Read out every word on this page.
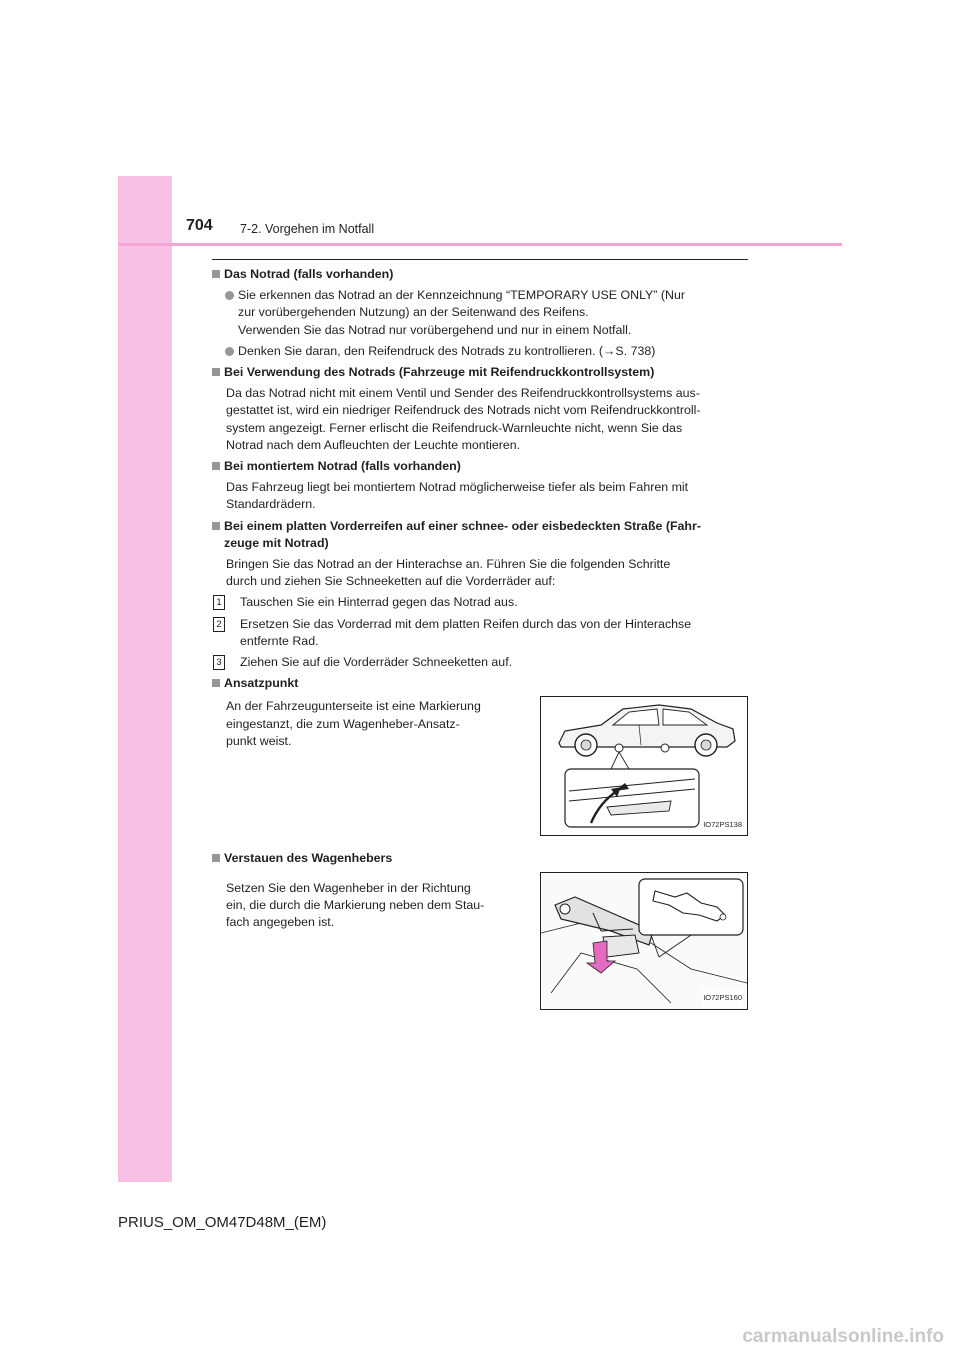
704 7-2. Vorgehen im Notfall
Das Notrad (falls vorhanden)
Sie erkennen das Notrad an der Kennzeichnung “TEMPORARY USE ONLY” (Nur
zur vorübergehenden Nutzung) an der Seitenwand des Reifens.
Verwenden Sie das Notrad nur vorübergehend und nur in einem Notfall.
Denken Sie daran, den Reifendruck des Notrads zu kontrollieren. (→S. 738)
Bei Verwendung des Notrads (Fahrzeuge mit Reifendruckkontrollsystem)
Da das Notrad nicht mit einem Ventil und Sender des Reifendruckkontrollsystems aus-
gestattet ist, wird ein niedriger Reifendruck des Notrads nicht vom Reifendruckkontroll-
system angezeigt. Ferner erlischt die Reifendruck-Warnleuchte nicht, wenn Sie das
Notrad nach dem Aufleuchten der Leuchte montieren.
Bei montiertem Notrad (falls vorhanden)
Das Fahrzeug liegt bei montiertem Notrad möglicherweise tiefer als beim Fahren mit
Standardrädern.
Bei einem platten Vorderreifen auf einer schnee- oder eisbedeckten Straße (Fahr-
zeuge mit Notrad)
Bringen Sie das Notrad an der Hinterachse an. Führen Sie die folgenden Schritte
durch und ziehen Sie Schneeketten auf die Vorderräder auf:
1 Tauschen Sie ein Hinterrad gegen das Notrad aus.
2 Ersetzen Sie das Vorderrad mit dem platten Reifen durch das von der Hinterachse
entfernte Rad.
3 Ziehen Sie auf die Vorderräder Schneeketten auf.
Ansatzpunkt
An der Fahrzeugunterseite ist eine Markierung
eingestanzt, die zum Wagenheber-Ansatz-
punkt weist.
IO72PS138
Verstauen des Wagenhebers
Setzen Sie den Wagenheber in der Richtung
ein, die durch die Markierung neben dem Stau-
fach angegeben ist.
IO72PS160
PRIUS_OM_OM47D48M_(EM)
carmanualsonline.info
